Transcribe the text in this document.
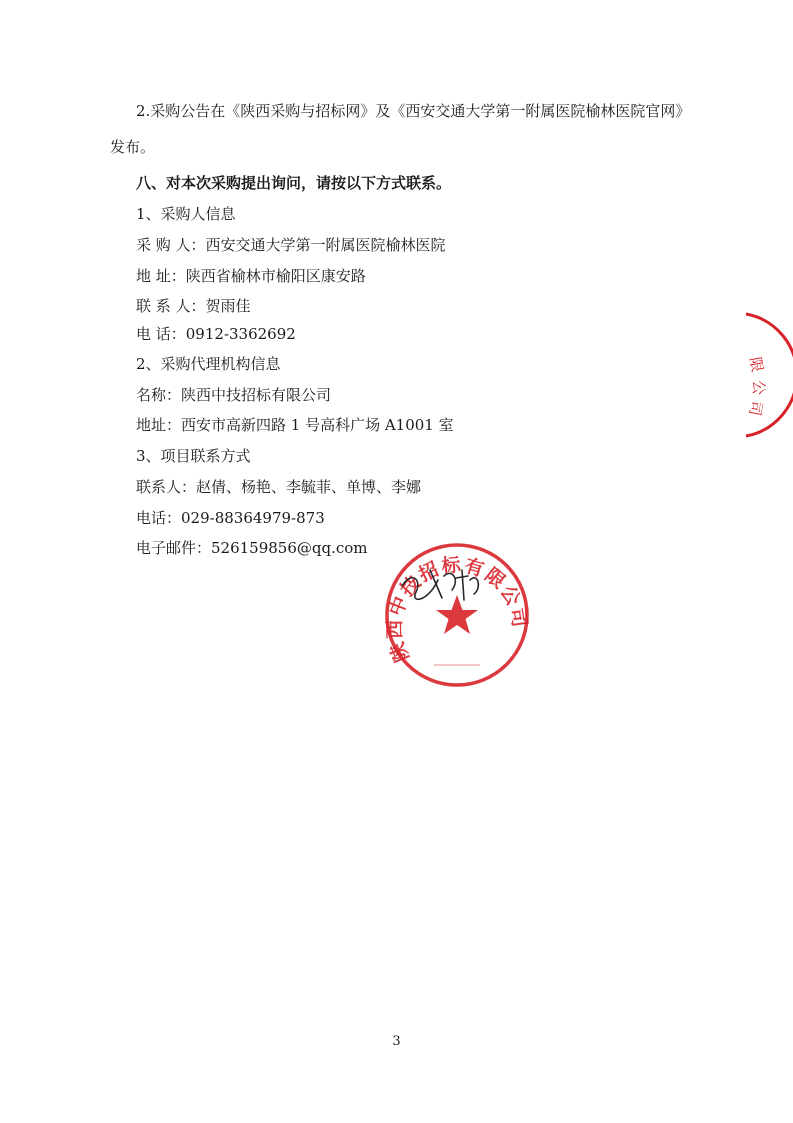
2.采购公告在《陕西采购与招标网》及《西安交通大学第一附属医院榆林医院官网》
发布。
八、对本次采购提出询问，请按以下方式联系。
1、采购人信息
采 购 人：西安交通大学第一附属医院榆林医院
地 址：陕西省榆林市榆阳区康安路
联 系 人：贺雨佳
电 话：0912-3362692
2、采购代理机构信息
名称：陕西中技招标有限公司
地址：西安市高新四路 1 号高科广场 A1001 室
3、项目联系方式
联系人：赵倩、杨艳、李毓菲、单博、李娜
电话：029-88364979-873
电子邮件：526159856@qq.com
限
公
司
陕西中技招标有限公司
3
